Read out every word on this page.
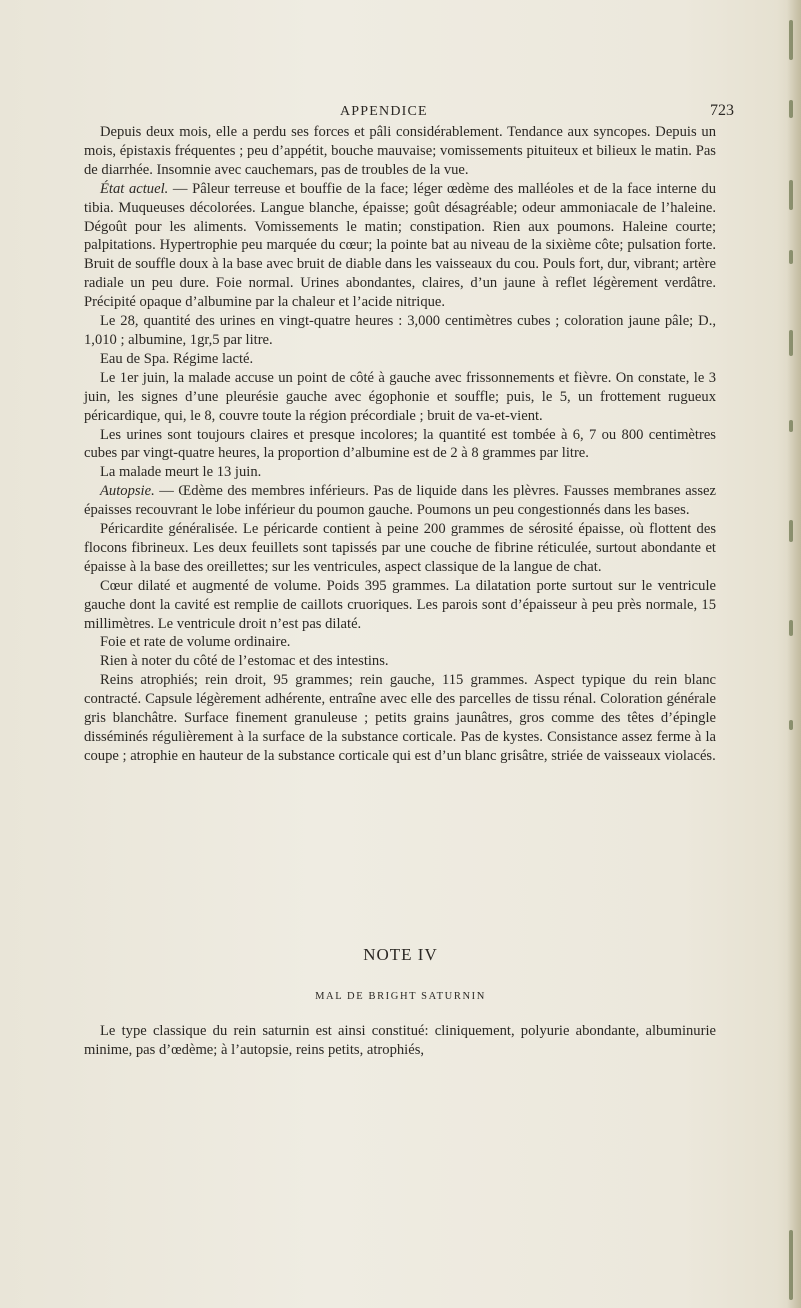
APPENDICE	723

Depuis deux mois, elle a perdu ses forces et pâli considérablement. Tendance aux syncopes. Depuis un mois, épistaxis fréquentes ; peu d’appétit, bouche mauvaise; vomissements pituiteux et bilieux le matin. Pas de diarrhée. Insomnie avec cauchemars, pas de troubles de la vue.

État actuel. — Pâleur terreuse et bouffie de la face; léger œdème des malléoles et de la face interne du tibia. Muqueuses décolorées. Langue blanche, épaisse; goût désagréable; odeur ammoniacale de l’haleine. Dégoût pour les aliments. Vomissements le matin; constipation. Rien aux poumons. Haleine courte; palpitations. Hypertrophie peu marquée du cœur; la pointe bat au niveau de la sixième côte; pulsation forte. Bruit de souffle doux à la base avec bruit de diable dans les vaisseaux du cou. Pouls fort, dur, vibrant; artère radiale un peu dure. Foie normal. Urines abondantes, claires, d’un jaune à reflet légèrement verdâtre. Précipité opaque d’albumine par la chaleur et l’acide nitrique.

Le 28, quantité des urines en vingt-quatre heures : 3,000 centimètres cubes ; coloration jaune pâle; D., 1,010 ; albumine, 1gr,5 par litre.

Eau de Spa. Régime lacté.

Le 1er juin, la malade accuse un point de côté à gauche avec frissonnements et fièvre. On constate, le 3 juin, les signes d’une pleurésie gauche avec égophonie et souffle; puis, le 5, un frottement rugueux péricardique, qui, le 8, couvre toute la région précordiale ; bruit de va-et-vient.

Les urines sont toujours claires et presque incolores; la quantité est tombée à 6, 7 ou 800 centimètres cubes par vingt-quatre heures, la proportion d’albumine est de 2 à 8 grammes par litre.

La malade meurt le 13 juin.

Autopsie. — Œdème des membres inférieurs. Pas de liquide dans les plèvres. Fausses membranes assez épaisses recouvrant le lobe inférieur du poumon gauche. Poumons un peu congestionnés dans les bases.

Péricardite généralisée. Le péricarde contient à peine 200 grammes de sérosité épaisse, où flottent des flocons fibrineux. Les deux feuillets sont tapissés par une couche de fibrine réticulée, surtout abondante et épaisse à la base des oreillettes; sur les ventricules, aspect classique de la langue de chat.

Cœur dilaté et augmenté de volume. Poids 395 grammes. La dilatation porte surtout sur le ventricule gauche dont la cavité est remplie de caillots cruoriques. Les parois sont d’épaisseur à peu près normale, 15 millimètres. Le ventricule droit n’est pas dilaté.

Foie et rate de volume ordinaire.

Rien à noter du côté de l’estomac et des intestins.

Reins atrophiés; rein droit, 95 grammes; rein gauche, 115 grammes. Aspect typique du rein blanc contracté. Capsule légèrement adhérente, entraîne avec elle des parcelles de tissu rénal. Coloration générale gris blanchâtre. Surface finement granuleuse ; petits grains jaunâtres, gros comme des têtes d’épingle disséminés régulièrement à la surface de la substance corticale. Pas de kystes. Consistance assez ferme à la coupe ; atrophie en hauteur de la substance corticale qui est d’un blanc grisâtre, striée de vaisseaux violacés.

NOTE IV
MAL DE BRIGHT SATURNIN

Le type classique du rein saturnin est ainsi constitué: cliniquement, polyurie abondante, albuminurie minime, pas d’œdème; à l’autopsie, reins petits, atrophiés,
